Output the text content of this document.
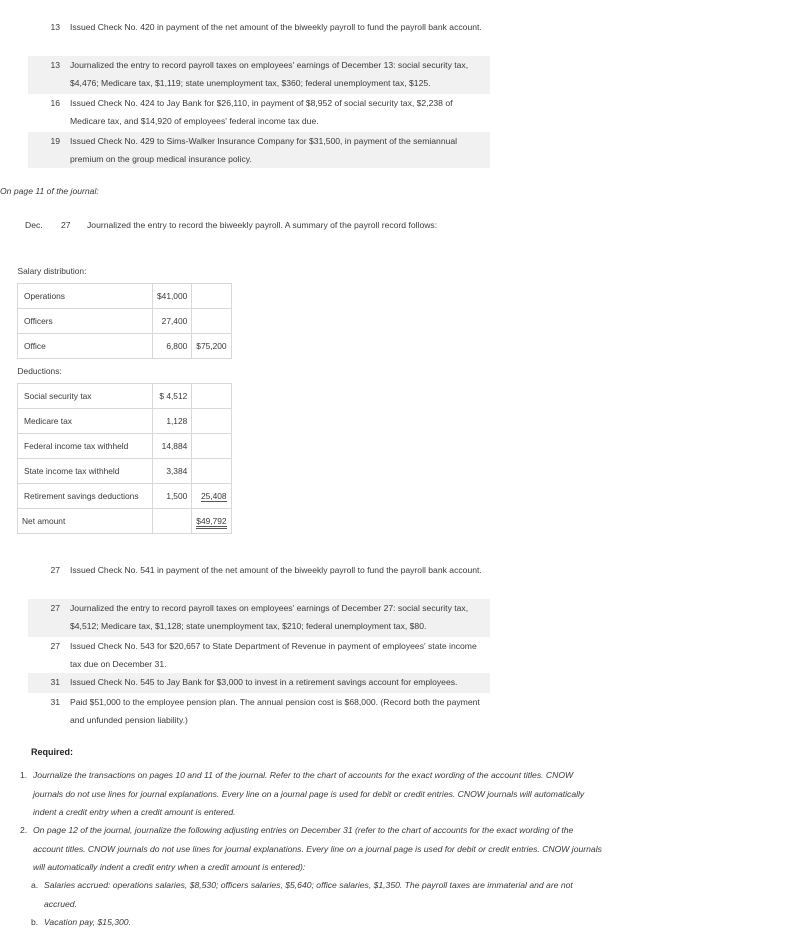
13 Issued Check No. 420 in payment of the net amount of the biweekly payroll to fund the payroll bank account.
13 Journalized the entry to record payroll taxes on employees' earnings of December 13: social security tax, $4,476; Medicare tax, $1,119; state unemployment tax, $360; federal unemployment tax, $125.
16 Issued Check No. 424 to Jay Bank for $26,110, in payment of $8,952 of social security tax, $2,238 of Medicare tax, and $14,920 of employees' federal income tax due.
19 Issued Check No. 429 to Sims-Walker Insurance Company for $31,500, in payment of the semiannual premium on the group medical insurance policy.
On page 11 of the journal:
Dec. 27 Journalized the entry to record the biweekly payroll. A summary of the payroll record follows:
Salary distribution:		
Operations	$41,000	
Officers	27,400	
Office	6,800	$75,200
Deductions:		
Social security tax	$ 4,512	
Medicare tax	1,128	
Federal income tax withheld	14,884	
State income tax withheld	3,384	
Retirement savings deductions	1,500	25,408
Net amount		$49,792
27 Issued Check No. 541 in payment of the net amount of the biweekly payroll to fund the payroll bank account.
27 Journalized the entry to record payroll taxes on employees' earnings of December 27: social security tax, $4,512; Medicare tax, $1,128; state unemployment tax, $210; federal unemployment tax, $80.
27 Issued Check No. 543 for $20,657 to State Department of Revenue in payment of employees' state income tax due on December 31.
31 Issued Check No. 545 to Jay Bank for $3,000 to invest in a retirement savings account for employees.
31 Paid $51,000 to the employee pension plan. The annual pension cost is $68,000. (Record both the payment and unfunded pension liability.)
Required:
1. Journalize the transactions on pages 10 and 11 of the journal. Refer to the chart of accounts for the exact wording of the account titles. CNOW journals do not use lines for journal explanations. Every line on a journal page is used for debit or credit entries. CNOW journals will automatically indent a credit entry when a credit amount is entered.
2. On page 12 of the journal, journalize the following adjusting entries on December 31 (refer to the chart of accounts for the exact wording of the account titles. CNOW journals do not use lines for journal explanations. Every line on a journal page is used for debit or credit entries. CNOW journals will automatically indent a credit entry when a credit amount is entered):
a. Salaries accrued: operations salaries, $8,530; officers salaries, $5,640; office salaries, $1,350. The payroll taxes are immaterial and are not accrued.
b. Vacation pay, $15,300.
